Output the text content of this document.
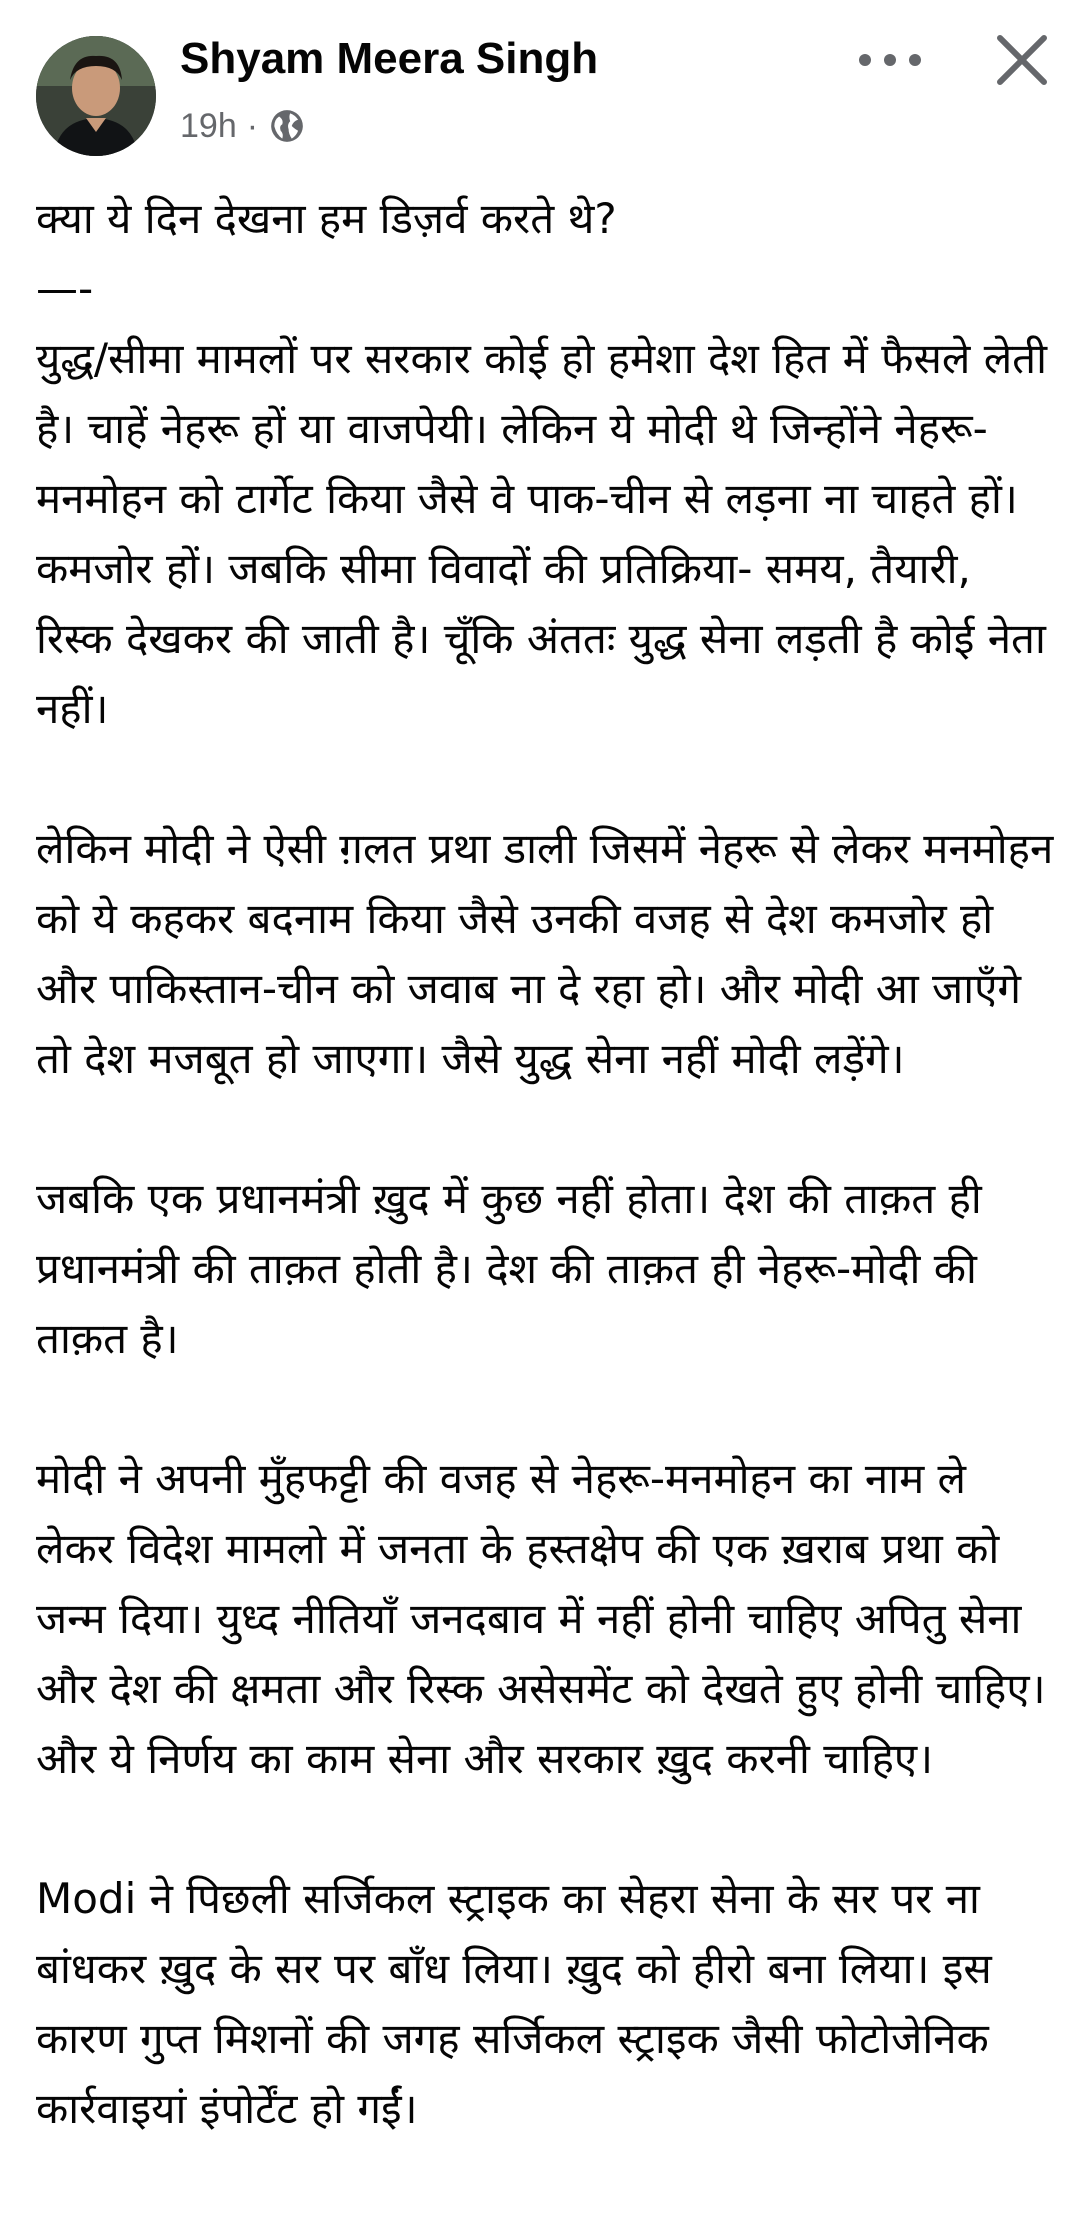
Shyam Meera Singh
19h ·

क्या ये दिन देखना हम डिज़र्व करते थे?

—-

युद्ध/सीमा मामलों पर सरकार कोई हो हमेशा देश हित में फैसले लेती है। चाहें नेहरू हों या वाजपेयी। लेकिन ये मोदी थे जिन्होंने नेहरू-मनमोहन को टार्गेट किया जैसे वे पाक-चीन से लड़ना ना चाहते हों। कमजोर हों। जबकि सीमा विवादों की प्रतिक्रिया- समय, तैयारी, रिस्क देखकर की जाती है। चूँकि अंततः युद्ध सेना लड़ती है कोई नेता नहीं।

लेकिन मोदी ने ऐसी ग़लत प्रथा डाली जिसमें नेहरू से लेकर मनमोहन को ये कहकर बदनाम किया जैसे उनकी वजह से देश कमजोर हो और पाकिस्तान-चीन को जवाब ना दे रहा हो। और मोदी आ जाएँगे तो देश मजबूत हो जाएगा। जैसे युद्ध सेना नहीं मोदी लड़ेंगे।

जबकि एक प्रधानमंत्री ख़ुद में कुछ नहीं होता। देश की ताक़त ही प्रधानमंत्री की ताक़त होती है। देश की ताक़त ही नेहरू-मोदी की ताक़त है।

मोदी ने अपनी मुँहफट्टी की वजह से नेहरू-मनमोहन का नाम ले लेकर विदेश मामलो में जनता के हस्तक्षेप की एक ख़राब प्रथा को जन्म दिया। युध्द नीतियाँ जनदबाव में नहीं होनी चाहिए अपितु सेना और देश की क्षमता और रिस्क असेसमेंट को देखते हुए होनी चाहिए। और ये निर्णय का काम सेना और सरकार ख़ुद करनी चाहिए।

Modi ने पिछली सर्जिकल स्ट्राइक का सेहरा सेना के सर पर ना बांधकर ख़ुद के सर पर बाँध लिया। ख़ुद को हीरो बना लिया। इस कारण गुप्त मिशनों की जगह सर्जिकल स्ट्राइक जैसी फोटोजेनिक कार्रवाइयां इंपोर्टेंट हो गईं।
